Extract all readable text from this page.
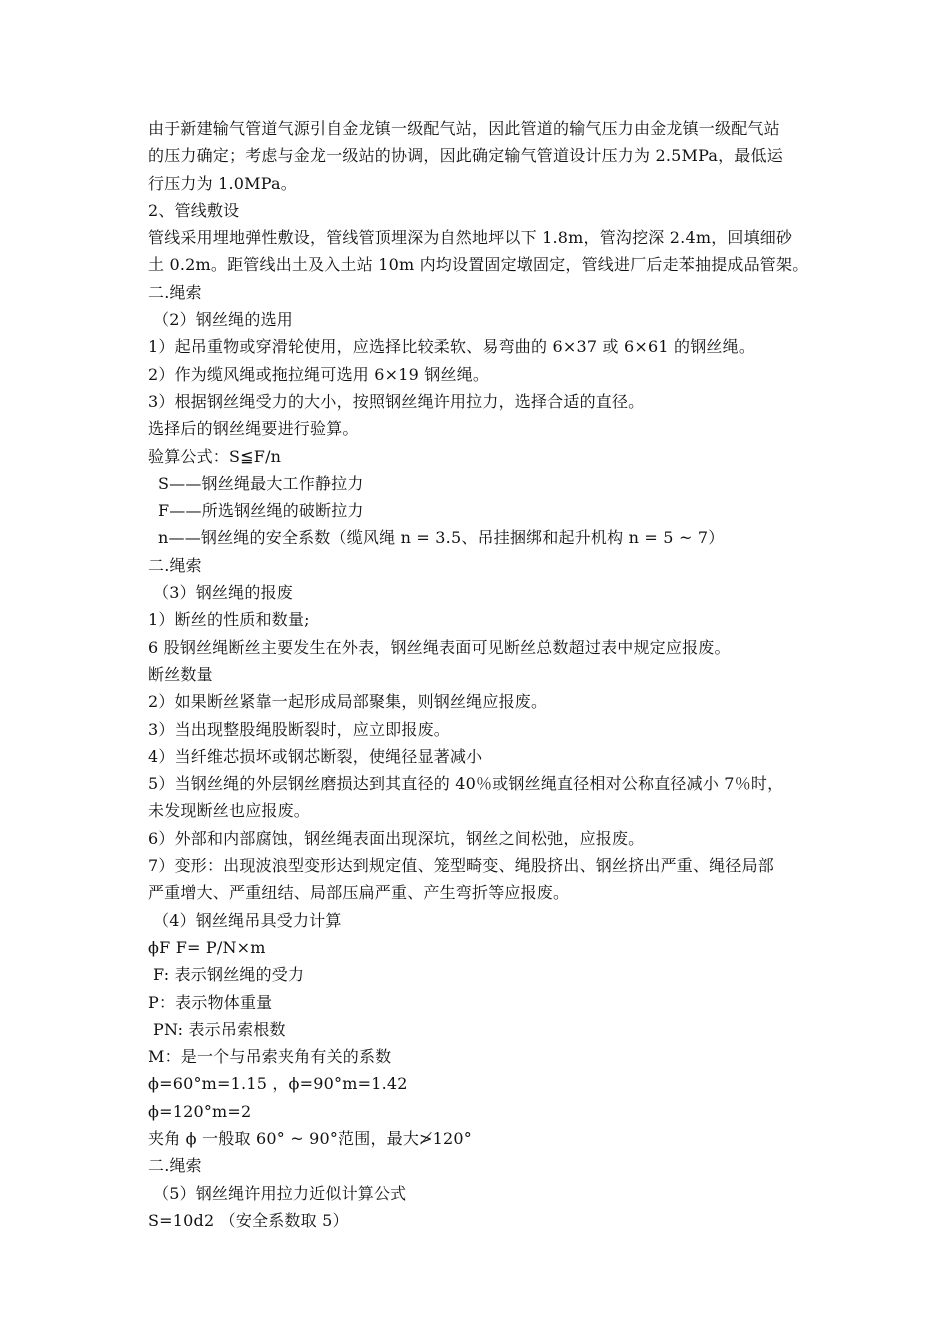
由于新建输气管道气源引自金龙镇一级配气站，因此管道的输气压力由金龙镇一级配气站
的压力确定；考虑与金龙一级站的协调，因此确定输气管道设计压力为 2.5MPa，最低运
行压力为 1.0MPa。
2、管线敷设
管线采用埋地弹性敷设，管线管顶埋深为自然地坪以下 1.8m，管沟挖深 2.4m，回填细砂
土 0.2m。距管线出土及入土站 10m 内均设置固定墩固定，管线进厂后走苯抽提成品管架。
二.绳索
（2）钢丝绳的选用
1）起吊重物或穿滑轮使用，应选择比较柔软、易弯曲的 6×37 或 6×61 的钢丝绳。
2）作为缆风绳或拖拉绳可选用 6×19 钢丝绳。
3）根据钢丝绳受力的大小，按照钢丝绳许用拉力，选择合适的直径。
选择后的钢丝绳要进行验算。
验算公式：S≦F/n
S——钢丝绳最大工作静拉力
F——所选钢丝绳的破断拉力
n——钢丝绳的安全系数（缆风绳 n = 3.5、吊挂捆绑和起升机构 n = 5 ~ 7）
二.绳索
（3）钢丝绳的报废
1）断丝的性质和数量;
6 股钢丝绳断丝主要发生在外表，钢丝绳表面可见断丝总数超过表中规定应报废。
断丝数量
2）如果断丝紧靠一起形成局部聚集，则钢丝绳应报废。
3）当出现整股绳股断裂时，应立即报废。
4）当纤维芯损坏或钢芯断裂，使绳径显著减小
5）当钢丝绳的外层钢丝磨损达到其直径的 40％或钢丝绳直径相对公称直径减小 7％时，
未发现断丝也应报废。
6）外部和内部腐蚀，钢丝绳表面出现深坑，钢丝之间松弛，应报废。
7）变形：出现波浪型变形达到规定值、笼型畸变、绳股挤出、钢丝挤出严重、绳径局部
严重增大、严重纽结、局部压扁严重、产生弯折等应报废。
（4）钢丝绳吊具受力计算
ϕF F= P/N×m
F: 表示钢丝绳的受力
P：表示物体重量
PN: 表示吊索根数
M：是一个与吊索夹角有关的系数
ϕ=60°m=1.15 ，ϕ=90°m=1.42
ϕ=120°m=2
夹角 ϕ 一般取 60° ~ 90°范围，最大≯120°
二.绳索
（5）钢丝绳许用拉力近似计算公式
S=10d2 （安全系数取 5）
